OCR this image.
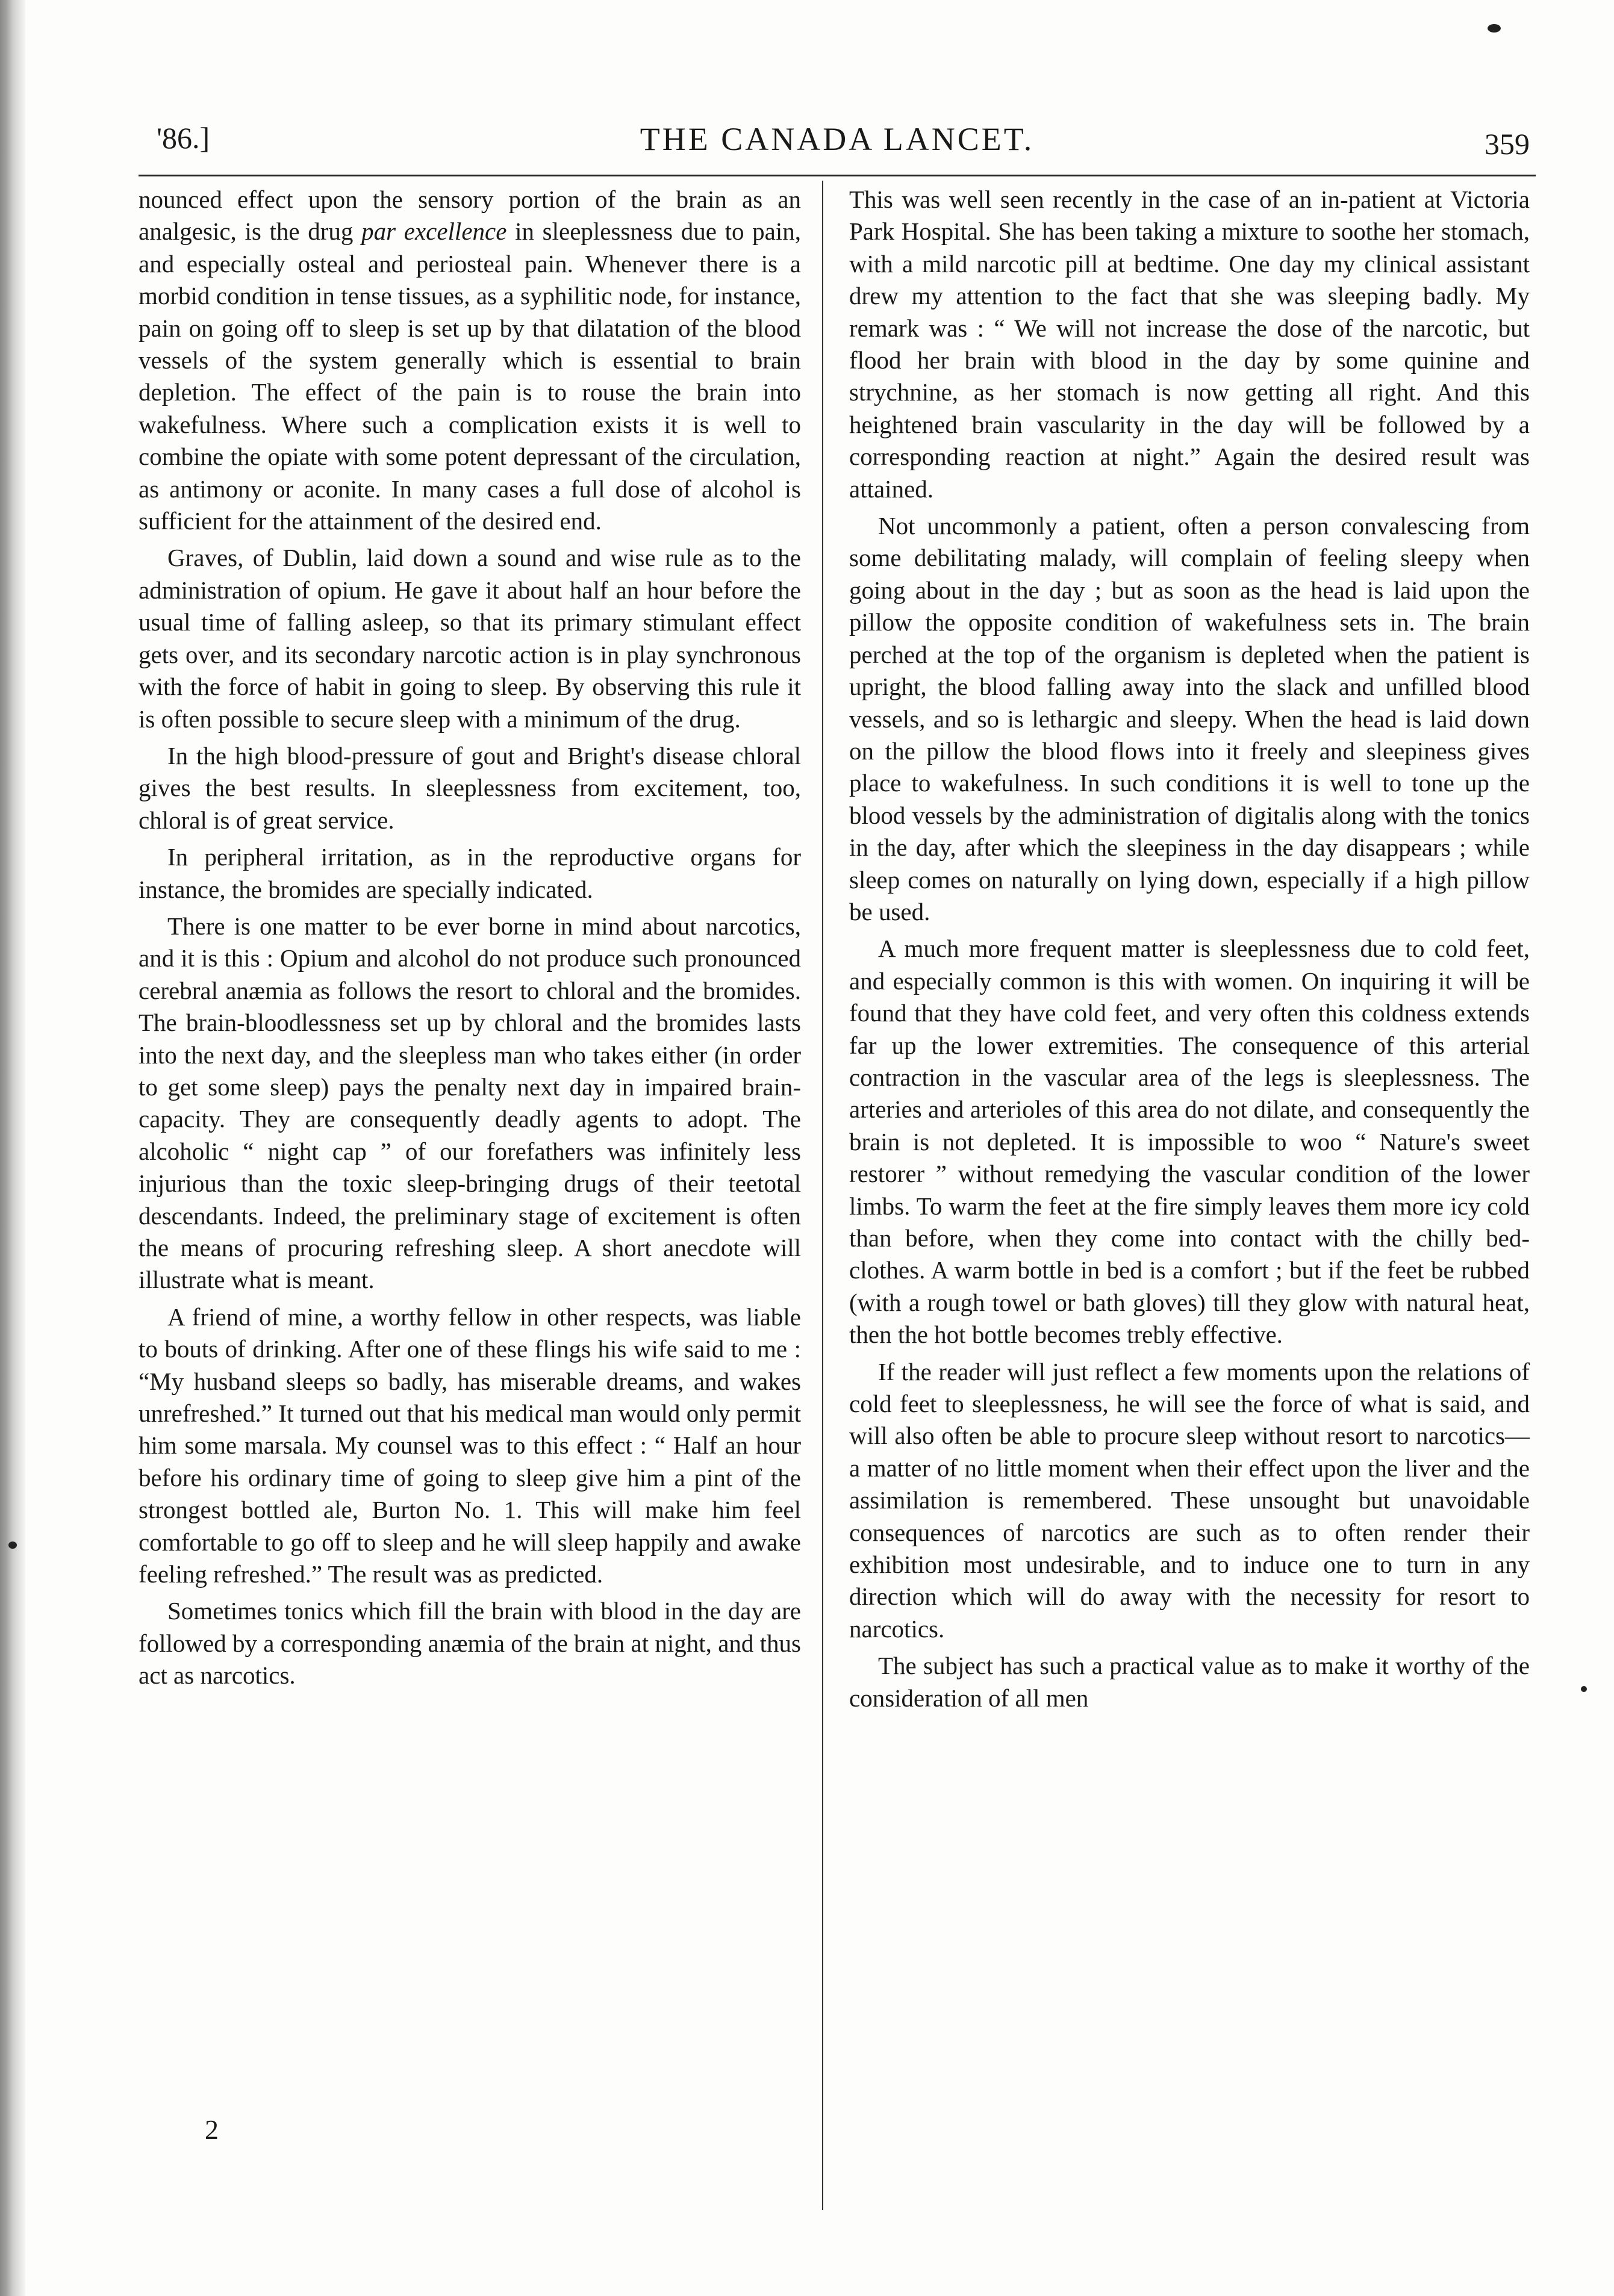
'86.]	THE CANADA LANCET.	359

nounced effect upon the sensory portion of the brain as an analgesic, is the drug par excellence in sleeplessness due to pain, and especially osteal and periosteal pain. Whenever there is a morbid condition in tense tissues, as a syphilitic node, for instance, pain on going off to sleep is set up by that dilatation of the blood vessels of the system generally which is essential to brain depletion. The effect of the pain is to rouse the brain into wakefulness. Where such a complication exists it is well to combine the opiate with some potent depressant of the circulation, as antimony or aconite. In many cases a full dose of alcohol is sufficient for the attainment of the desired end.

Graves, of Dublin, laid down a sound and wise rule as to the administration of opium. He gave it about half an hour before the usual time of falling asleep, so that its primary stimulant effect gets over, and its secondary narcotic action is in play synchronous with the force of habit in going to sleep. By observing this rule it is often possible to secure sleep with a minimum of the drug.

In the high blood-pressure of gout and Bright's disease chloral gives the best results. In sleeplessness from excitement, too, chloral is of great service.

In peripheral irritation, as in the reproductive organs for instance, the bromides are specially indicated.

There is one matter to be ever borne in mind about narcotics, and it is this : Opium and alcohol do not produce such pronounced cerebral anæmia as follows the resort to chloral and the bromides. The brain-bloodlessness set up by chloral and the bromides lasts into the next day, and the sleepless man who takes either (in order to get some sleep) pays the penalty next day in impaired brain-capacity. They are consequently deadly agents to adopt. The alcoholic “ night cap ” of our forefathers was infinitely less injurious than the toxic sleep-bringing drugs of their teetotal descendants. Indeed, the preliminary stage of excitement is often the means of procuring refreshing sleep. A short anecdote will illustrate what is meant.

A friend of mine, a worthy fellow in other respects, was liable to bouts of drinking. After one of these flings his wife said to me : “My husband sleeps so badly, has miserable dreams, and wakes unrefreshed.” It turned out that his medical man would only permit him some marsala. My counsel was to this effect : “ Half an hour before his ordinary time of going to sleep give him a pint of the strongest bottled ale, Burton No. 1. This will make him feel comfortable to go off to sleep and he will sleep happily and awake feeling refreshed.” The result was as predicted.

Sometimes tonics which fill the brain with blood in the day are followed by a corresponding anæmia of the brain at night, and thus act as narcotics.

This was well seen recently in the case of an in-patient at Victoria Park Hospital. She has been taking a mixture to soothe her stomach, with a mild narcotic pill at bedtime. One day my clinical assistant drew my attention to the fact that she was sleeping badly. My remark was : “ We will not increase the dose of the narcotic, but flood her brain with blood in the day by some quinine and strychnine, as her stomach is now getting all right. And this heightened brain vascularity in the day will be followed by a corresponding reaction at night.” Again the desired result was attained.

Not uncommonly a patient, often a person convalescing from some debilitating malady, will complain of feeling sleepy when going about in the day ; but as soon as the head is laid upon the pillow the opposite condition of wakefulness sets in. The brain perched at the top of the organism is depleted when the patient is upright, the blood falling away into the slack and unfilled blood vessels, and so is lethargic and sleepy. When the head is laid down on the pillow the blood flows into it freely and sleepiness gives place to wakefulness. In such conditions it is well to tone up the blood vessels by the administration of digitalis along with the tonics in the day, after which the sleepiness in the day disappears ; while sleep comes on naturally on lying down, especially if a high pillow be used.

A much more frequent matter is sleeplessness due to cold feet, and especially common is this with women. On inquiring it will be found that they have cold feet, and very often this coldness extends far up the lower extremities. The consequence of this arterial contraction in the vascular area of the legs is sleeplessness. The arteries and arterioles of this area do not dilate, and consequently the brain is not depleted. It is impossible to woo “ Nature's sweet restorer ” without remedying the vascular condition of the lower limbs. To warm the feet at the fire simply leaves them more icy cold than before, when they come into contact with the chilly bed-clothes. A warm bottle in bed is a comfort ; but if the feet be rubbed (with a rough towel or bath gloves) till they glow with natural heat, then the hot bottle becomes trebly effective.

If the reader will just reflect a few moments upon the relations of cold feet to sleeplessness, he will see the force of what is said, and will also often be able to procure sleep without resort to narcotics—a matter of no little moment when their effect upon the liver and the assimilation is remembered. These unsought but unavoidable consequences of narcotics are such as to often render their exhibition most undesirable, and to induce one to turn in any direction which will do away with the necessity for resort to narcotics.

The subject has such a practical value as to make it worthy of the consideration of all men

2
